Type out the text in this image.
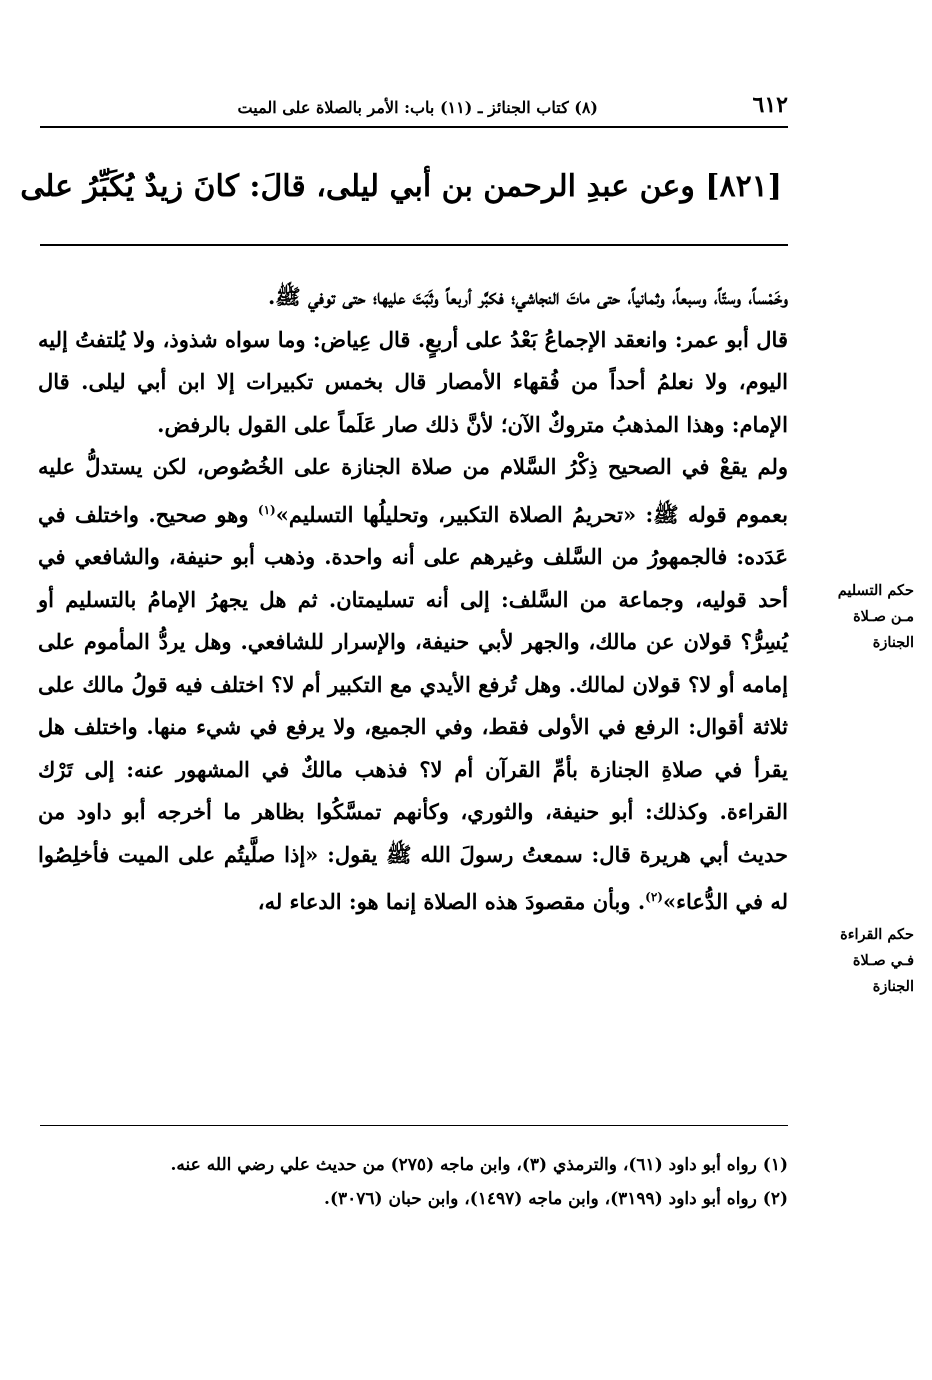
٦١٢
(٨) كتاب الجنائز ـ (١١) باب: الأمر بالصلاة على الميت
[٨٢١] وعن عبدِ الرحمن بن أبي ليلى، قالَ: كانَ زيدٌ يُكَبِّرُ على

وخَمْساً، وستّاً، وسبعاً، وثمانياً، حتى ماتَ النجاشي؛ فكبَّر أربعاً وثَبَتَ عليها؛ حتى توفي ﷺ.

قال أبو عمر: وانعقد الإجماعُ بَعْدُ على أربعٍ. قال عِياض: وما سواه شذوذ، ولا يُلتفتُ إليه اليوم، ولا نعلمُ أحداً من فُقهاء الأمصار قال بخمس تكبيرات إلا ابن أبي ليلى. قال الإمام: وهذا المذهبُ متروكٌ الآن؛ لأنَّ ذلك صار عَلَماً على القول بالرفض.

ولم يقعْ في الصحيح ذِكْرُ السَّلام من صلاة الجنازة على الخُصُوص، لكن يستدلُّ عليه بعموم قوله ﷺ: «تحريمُ الصلاة التكبير، وتحليلُها التسليم»$^{(١)}$ وهو صحيح. واختلف في عَدَده: فالجمهورُ من السَّلف وغيرهم على أنه واحدة. وذهب أبو حنيفة، والشافعي في أحد قوليه، وجماعة من السَّلف: إلى أنه تسليمتان. ثم هل يجهرُ الإمامُ بالتسليم أو يُسِرُّ؟ قولان عن مالك، والجهر لأبي حنيفة، والإسرار للشافعي. وهل يردُّ المأموم على إمامه أو لا؟ قولان لمالك. وهل تُرفع الأيدي مع التكبير أم لا؟ اختلف فيه قولُ مالك على ثلاثة أقوال: الرفع في الأولى فقط، وفي الجميع، ولا يرفع في شيء منها. واختلف هل يقرأ في صلاةِ الجنازة بأمِّ القرآن أم لا؟ فذهب مالكٌ في المشهور عنه: إلى تَرْك القراءة. وكذلك: أبو حنيفة، والثوري، وكأنهم تمسَّكُوا بظاهر ما أخرجه أبو داود من حديث أبي هريرة قال: سمعتُ رسولَ الله ﷺ يقول: «إذا صلَّيتُم على الميت فأخلِصُوا له في الدُّعاء»$^{(٢)}$. وبأن مقصودَ هذه الصلاة إنما هو: الدعاء له،

حكم التسليم مـن صـلاة الجنازة
حكم القراءة فـي صـلاة الجنازة

(١) رواه أبو داود (٦١)، والترمذي (٣)، وابن ماجه (٢٧٥) من حديث علي رضي الله عنه.

(٢) رواه أبو داود (٣١٩٩)، وابن ماجه (١٤٩٧)، وابن حبان (٣٠٧٦).
